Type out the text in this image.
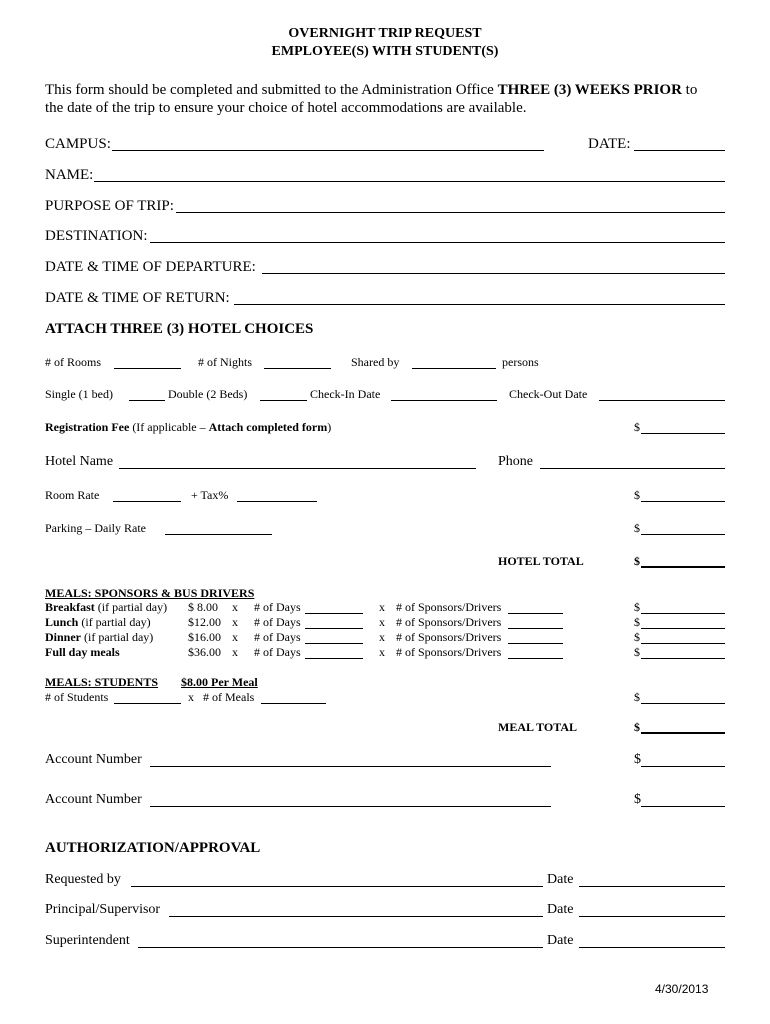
OVERNIGHT TRIP REQUEST
EMPLOYEE(S) WITH STUDENT(S)
This form should be completed and submitted to the Administration Office THREE (3) WEEKS PRIOR to
the date of the trip to ensure your choice of hotel accommodations are available.
CAMPUS:	DATE:
NAME:
PURPOSE OF TRIP:
DESTINATION:
DATE & TIME OF DEPARTURE:
DATE & TIME OF RETURN:
ATTACH THREE (3) HOTEL CHOICES
# of Rooms	# of Nights	Shared by	persons
Single (1 bed)	Double (2 Beds)	Check-In Date	Check-Out Date
Registration Fee (If applicable – Attach completed form)	$
Hotel Name	Phone
Room Rate	+ Tax%	$
Parking – Daily Rate	$
HOTEL TOTAL	$
MEALS: SPONSORS & BUS DRIVERS
Breakfast (if partial day) $ 8.00 x # of Days	x # of Sponsors/Drivers	$
Lunch (if partial day)	$12.00 x # of Days	x # of Sponsors/Drivers	$
Dinner (if partial day)	$16.00 x # of Days	x # of Sponsors/Drivers	$
Full day meals	$36.00 x # of Days	x # of Sponsors/Drivers	$
MEALS: STUDENTS $8.00 Per Meal
# of Students	x # of Meals	$
MEAL TOTAL	$
Account Number	$
Account Number	$
AUTHORIZATION/APPROVAL
Requested by	Date
Principal/Supervisor	Date
Superintendent	Date
4/30/2013
